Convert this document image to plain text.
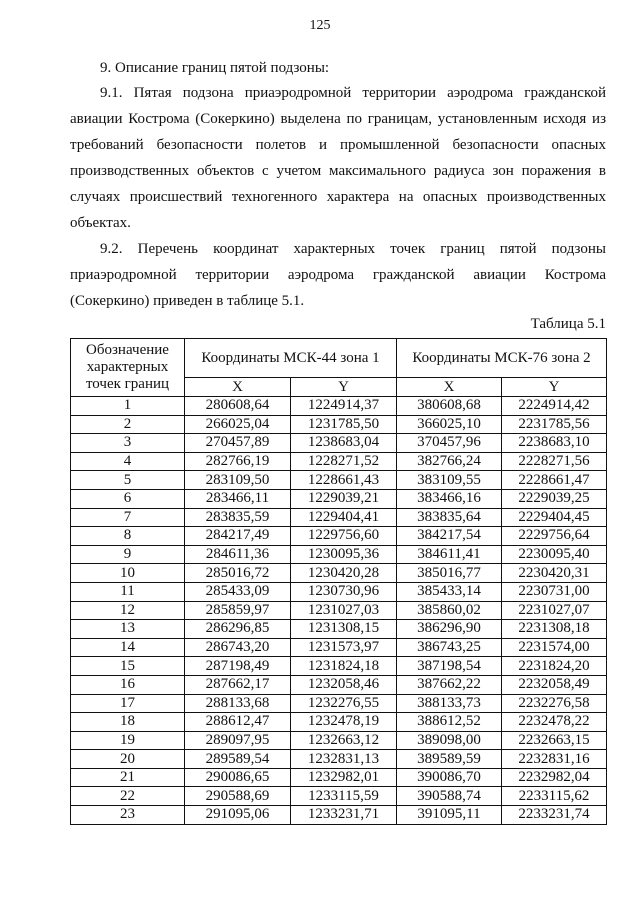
125
9. Описание границ пятой подзоны:
9.1. Пятая подзона приаэродромной территории аэродрома гражданской авиации Кострома (Сокеркино) выделена по границам, установленным исходя из требований безопасности полетов и промышленной безопасности опасных производственных объектов с учетом максимального радиуса зон поражения в случаях происшествий техногенного характера на опасных производственных объектах.
9.2. Перечень координат характерных точек границ пятой подзоны приаэродромной территории аэродрома гражданской авиации Кострома (Сокеркино) приведен в таблице 5.1.
Таблица 5.1
Обозначение характерных точек границ	Координаты МСК-44 зона 1		Координаты МСК-76 зона 2	
	X	Y	X	Y
1	280608,64	1224914,37	380608,68	2224914,42
2	266025,04	1231785,50	366025,10	2231785,56
3	270457,89	1238683,04	370457,96	2238683,10
4	282766,19	1228271,52	382766,24	2228271,56
5	283109,50	1228661,43	383109,55	2228661,47
6	283466,11	1229039,21	383466,16	2229039,25
7	283835,59	1229404,41	383835,64	2229404,45
8	284217,49	1229756,60	384217,54	2229756,64
9	284611,36	1230095,36	384611,41	2230095,40
10	285016,72	1230420,28	385016,77	2230420,31
11	285433,09	1230730,96	385433,14	2230731,00
12	285859,97	1231027,03	385860,02	2231027,07
13	286296,85	1231308,15	386296,90	2231308,18
14	286743,20	1231573,97	386743,25	2231574,00
15	287198,49	1231824,18	387198,54	2231824,20
16	287662,17	1232058,46	387662,22	2232058,49
17	288133,68	1232276,55	388133,73	2232276,58
18	288612,47	1232478,19	388612,52	2232478,22
19	289097,95	1232663,12	389098,00	2232663,15
20	289589,54	1232831,13	389589,59	2232831,16
21	290086,65	1232982,01	390086,70	2232982,04
22	290588,69	1233115,59	390588,74	2233115,62
23	291095,06	1233231,71	391095,11	2233231,74
